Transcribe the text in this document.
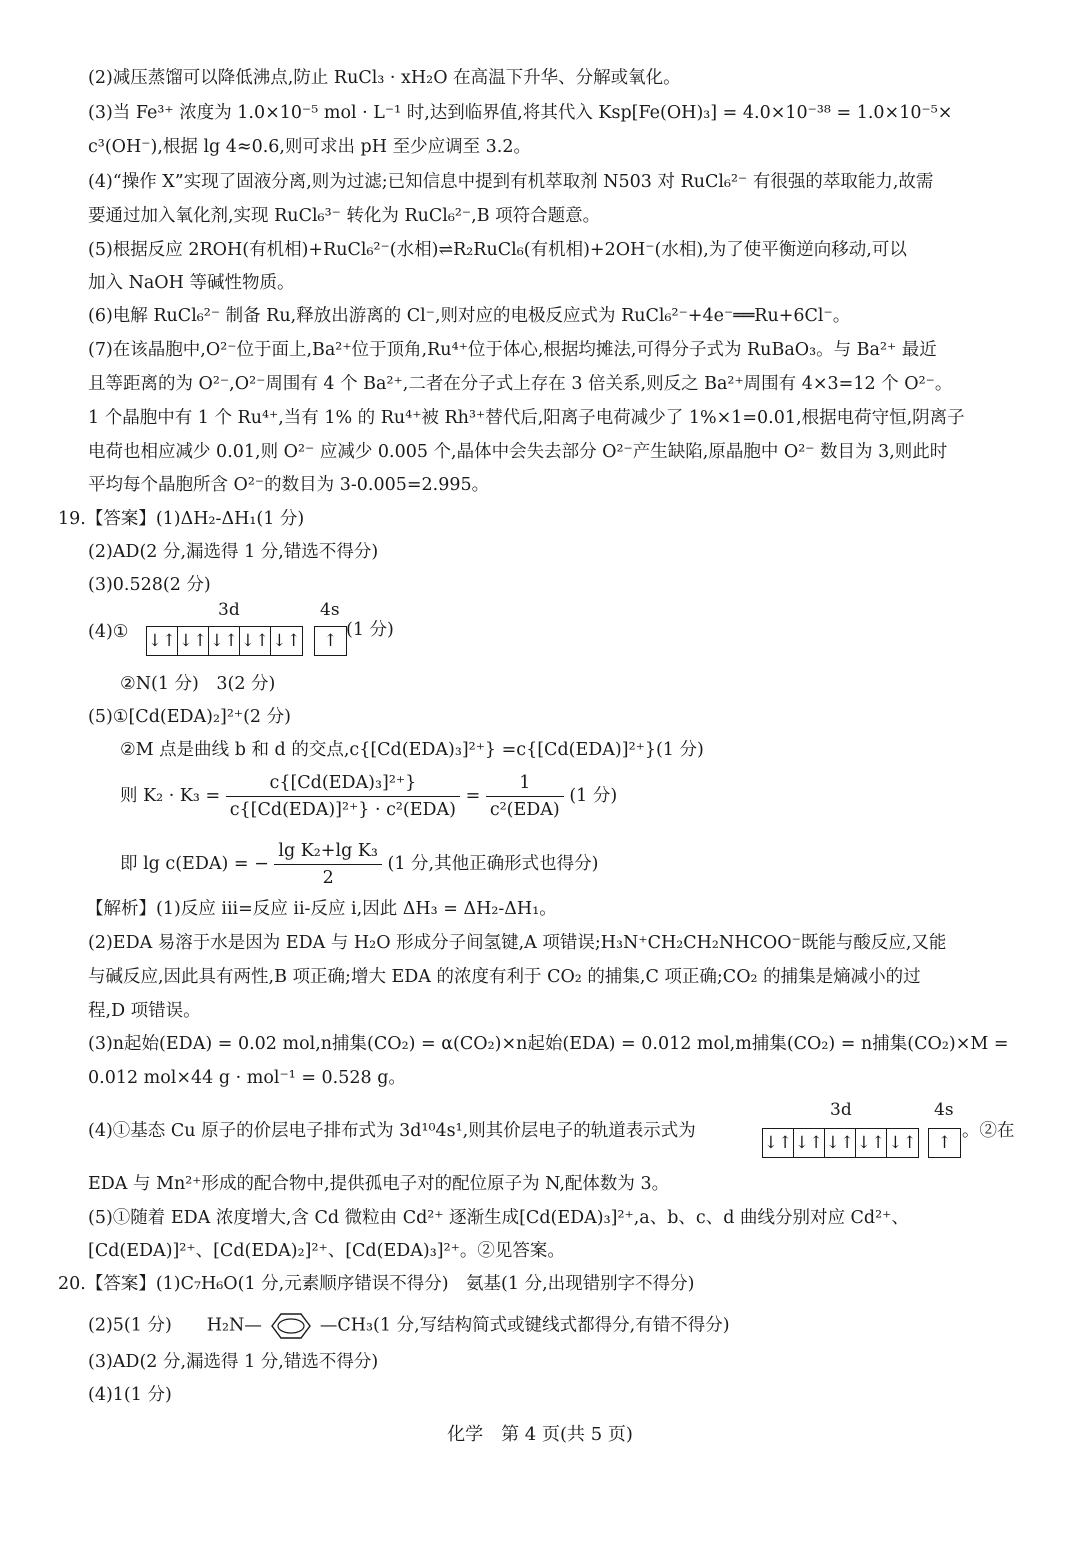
(2)减压蒸馏可以降低沸点,防止 RuCl₃ · xH₂O 在高温下升华、分解或氧化。
(3)当 Fe³⁺ 浓度为 1.0×10⁻⁵ mol · L⁻¹ 时,达到临界值,将其代入 Ksp[Fe(OH)₃] = 4.0×10⁻³⁸ = 1.0×10⁻⁵×
c³(OH⁻),根据 lg 4≈0.6,则可求出 pH 至少应调至 3.2。
(4)“操作 X”实现了固液分离,则为过滤;已知信息中提到有机萃取剂 N503 对 RuCl₆²⁻ 有很强的萃取能力,故需
要通过加入氧化剂,实现 RuCl₆³⁻ 转化为 RuCl₆²⁻,B 项符合题意。
(5)根据反应 2ROH(有机相)+RuCl₆²⁻(水相)⇌R₂RuCl₆(有机相)+2OH⁻(水相),为了使平衡逆向移动,可以
加入 NaOH 等碱性物质。
(6)电解 RuCl₆²⁻ 制备 Ru,释放出游离的 Cl⁻,则对应的电极反应式为 RuCl₆²⁻+4e⁻══Ru+6Cl⁻。
(7)在该晶胞中,O²⁻位于面上,Ba²⁺位于顶角,Ru⁴⁺位于体心,根据均摊法,可得分子式为 RuBaO₃。与 Ba²⁺ 最近
且等距离的为 O²⁻,O²⁻周围有 4 个 Ba²⁺,二者在分子式上存在 3 倍关系,则反之 Ba²⁺周围有 4×3=12 个 O²⁻。
1 个晶胞中有 1 个 Ru⁴⁺,当有 1% 的 Ru⁴⁺被 Rh³⁺替代后,阳离子电荷减少了 1%×1=0.01,根据电荷守恒,阴离子
电荷也相应减少 0.01,则 O²⁻ 应减少 0.005 个,晶体中会失去部分 O²⁻产生缺陷,原晶胞中 O²⁻ 数目为 3,则此时
平均每个晶胞所含 O²⁻的数目为 3-0.005=2.995。
19.【答案】(1)ΔH₂-ΔH₁(1 分)
(2)AD(2 分,漏选得 1 分,错选不得分)
(3)0.528(2 分)
(4)①
3d	4s
↓↑ ↓↑ ↓↑ ↓↑ ↓↑	↑
(1 分)
②N(1 分)　3(2 分)
(5)①[Cd(EDA)₂]²⁺(2 分)
②M 点是曲线 b 和 d 的交点,c{[Cd(EDA)₃]²⁺} =c{[Cd(EDA)]²⁺}(1 分)
则 $K_2 \cdot K_3 = \frac{\text{c\{[Cd(EDA)₃]²⁺\}}}{\text{c\{[Cd(EDA)]²⁺\} · c²(EDA)}} = \frac{1}{\text{c²(EDA)}} (1$ 分)
即 lg c(EDA) = − $\frac{\text{lg K₂+lg K₃}}{2} (1$ 分,其他正确形式也得分)
【解析】(1)反应 iii=反应 ii-反应 i,因此 ΔH₃ = ΔH₂-ΔH₁。
(2)EDA 易溶于水是因为 EDA 与 H₂O 形成分子间氢键,A 项错误;H₃N⁺CH₂CH₂NHCOO⁻既能与酸反应,又能
与碱反应,因此具有两性,B 项正确;增大 EDA 的浓度有利于 CO₂ 的捕集,C 项正确;CO₂ 的捕集是熵减小的过
程,D 项错误。
(3)n起始(EDA) = 0.02 mol,n捕集(CO₂) = α(CO₂)×n起始(EDA) = 0.012 mol,m捕集(CO₂) = n捕集(CO₂)×M =
0.012 mol×44 g · mol⁻¹ = 0.528 g。
(4)①基态 Cu 原子的价层电子排布式为 3d¹⁰4s¹,则其价层电子的轨道表示式为
3d	4s
↓↑ ↓↑ ↓↑ ↓↑ ↓↑	↑
。②在
EDA 与 Mn²⁺形成的配合物中,提供孤电子对的配位原子为 N,配体数为 3。
(5)①随着 EDA 浓度增大,含 Cd 微粒由 Cd²⁺ 逐渐生成[Cd(EDA)₃]²⁺,a、b、c、d 曲线分别对应 Cd²⁺、
[Cd(EDA)]²⁺、[Cd(EDA)₂]²⁺、[Cd(EDA)₃]²⁺。②见答案。
20.【答案】(1)C₇H₆O(1 分,元素顺序错误不得分)　氨基(1 分,出现错别字不得分)
(2)5(1 分)　　H₂N—	—CH₃(1 分,写结构简式或键线式都得分,有错不得分)
(3)AD(2 分,漏选得 1 分,错选不得分)
(4)1(1 分)
化学　第 4 页(共 5 页)
